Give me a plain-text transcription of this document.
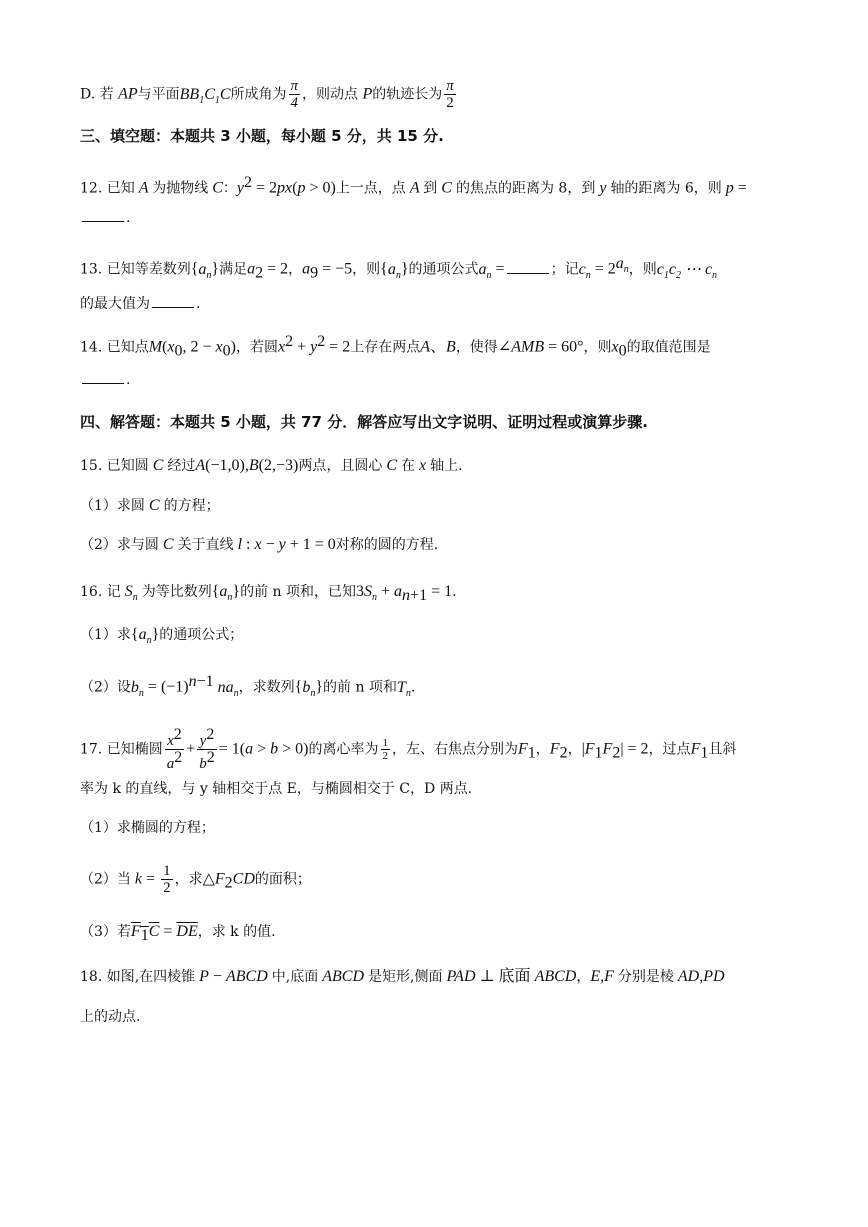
D. 若 AP与平面$BB_1C_1C$所成角为 $\frac{\pi}{4}$ ，则动点 P的轨迹长为 $\frac{\pi}{2}$
三、填空题：本题共 3 小题，每小题 5 分，共 15 分.
12. 已知 A 为抛物线 C：$y^2 = 2px(p > 0)$上一点，点 A 到 C 的焦点的距离为 8，到 y 轴的距离为 6，则 p =
.
13. 已知等差数列$\{a_n\}$满足$a_2 = 2$，$a_9 = -5$，则$\{a_n\}$的通项公式$a_n$ =	；记$c_n = 2^{a_n}$，则$c_1c_2$ ⋯ $c_n$
的最大值为	.
14. 已知点$M(x_0$, $2 - x_0$)，若圆$x^2 + y^2 = 2$上存在两点A、B，使得∠AMB = 60°，则$x_0$的取值范围是
.
四、解答题：本题共 5 小题，共 77 分．解答应写出文字说明、证明过程或演算步骤.
15. 已知圆 C 经过A(−1,0),B(2,−3)两点，且圆心 C 在 x 轴上.
（1）求圆 C 的方程；
（2）求与圆 C 关于直线 l : x − y + 1 = 0对称的圆的方程.
16. 记 $S_n$ 为等比数列$\{a_n\}$的前 n 项和，已知$3S_n + a_{n+1} = 1$.
（1）求$\{a_n\}$的通项公式；
（2）设$b_n = (-1)^{n-1}$ $na_n$，求数列$\{b_n\}$的前 n 项和$T_n$.
17. 已知椭圆 $\frac{x^2}{a^2} + \frac{y^2}{b^2} = 1(a > b > 0)$的离心率为 $\frac{1}{2}$ ，左、右焦点分别为$F_1$，$F_2$，$|F_1F_2| = 2$，过点$F_1$且斜
率为 k 的直线，与 y 轴相交于点 E，与椭圆相交于 C，D 两点.
（1）求椭圆的方程；
（2）当 $k = \frac{1}{2}$ ，求$\triangle F_2CD$的面积；
（3）若$F_1C = \overline{DE}$，求 k 的值.
18. 如图,在四棱锥 P − ABCD 中,底面 ABCD 是矩形,侧面 PAD ⊥ 底面 ABCD，E,F 分别是棱 AD,PD
上的动点.
